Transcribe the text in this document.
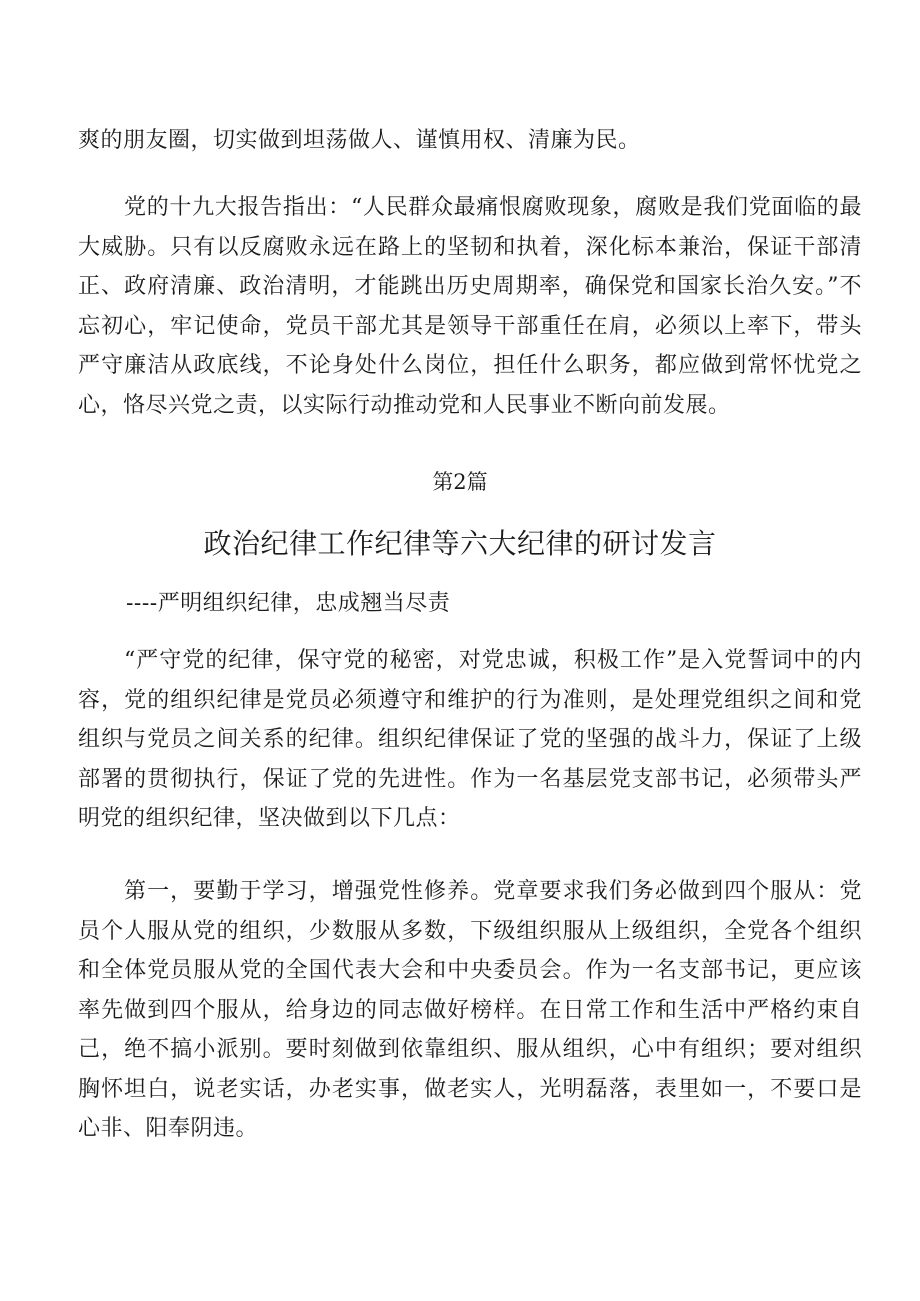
爽的朋友圈，切实做到坦荡做人、谨慎用权、清廉为民。

党的十九大报告指出：“人民群众最痛恨腐败现象，腐败是我们党面临的最大威胁。只有以反腐败永远在路上的坚韧和执着，深化标本兼治，保证干部清正、政府清廉、政治清明，才能跳出历史周期率，确保党和国家长治久安。”不忘初心，牢记使命，党员干部尤其是领导干部重任在肩，必须以上率下，带头严守廉洁从政底线，不论身处什么岗位，担任什么职务，都应做到常怀忧党之心，恪尽兴党之责，以实际行动推动党和人民事业不断向前发展。

第2篇

政治纪律工作纪律等六大纪律的研讨发言

----严明组织纪律，忠成翘当尽责

“严守党的纪律，保守党的秘密，对党忠诚，积极工作”是入党誓词中的内容，党的组织纪律是党员必须遵守和维护的行为准则，是处理党组织之间和党组织与党员之间关系的纪律。组织纪律保证了党的坚强的战斗力，保证了上级部署的贯彻执行，保证了党的先进性。作为一名基层党支部书记，必须带头严明党的组织纪律，坚决做到以下几点：

第一，要勤于学习，增强党性修养。党章要求我们务必做到四个服从：党员个人服从党的组织，少数服从多数，下级组织服从上级组织，全党各个组织和全体党员服从党的全国代表大会和中央委员会。作为一名支部书记，更应该率先做到四个服从，给身边的同志做好榜样。在日常工作和生活中严格约束自己，绝不搞小派别。要时刻做到依靠组织、服从组织，心中有组织；要对组织胸怀坦白，说老实话，办老实事，做老实人，光明磊落，表里如一，不要口是心非、阳奉阴违。
